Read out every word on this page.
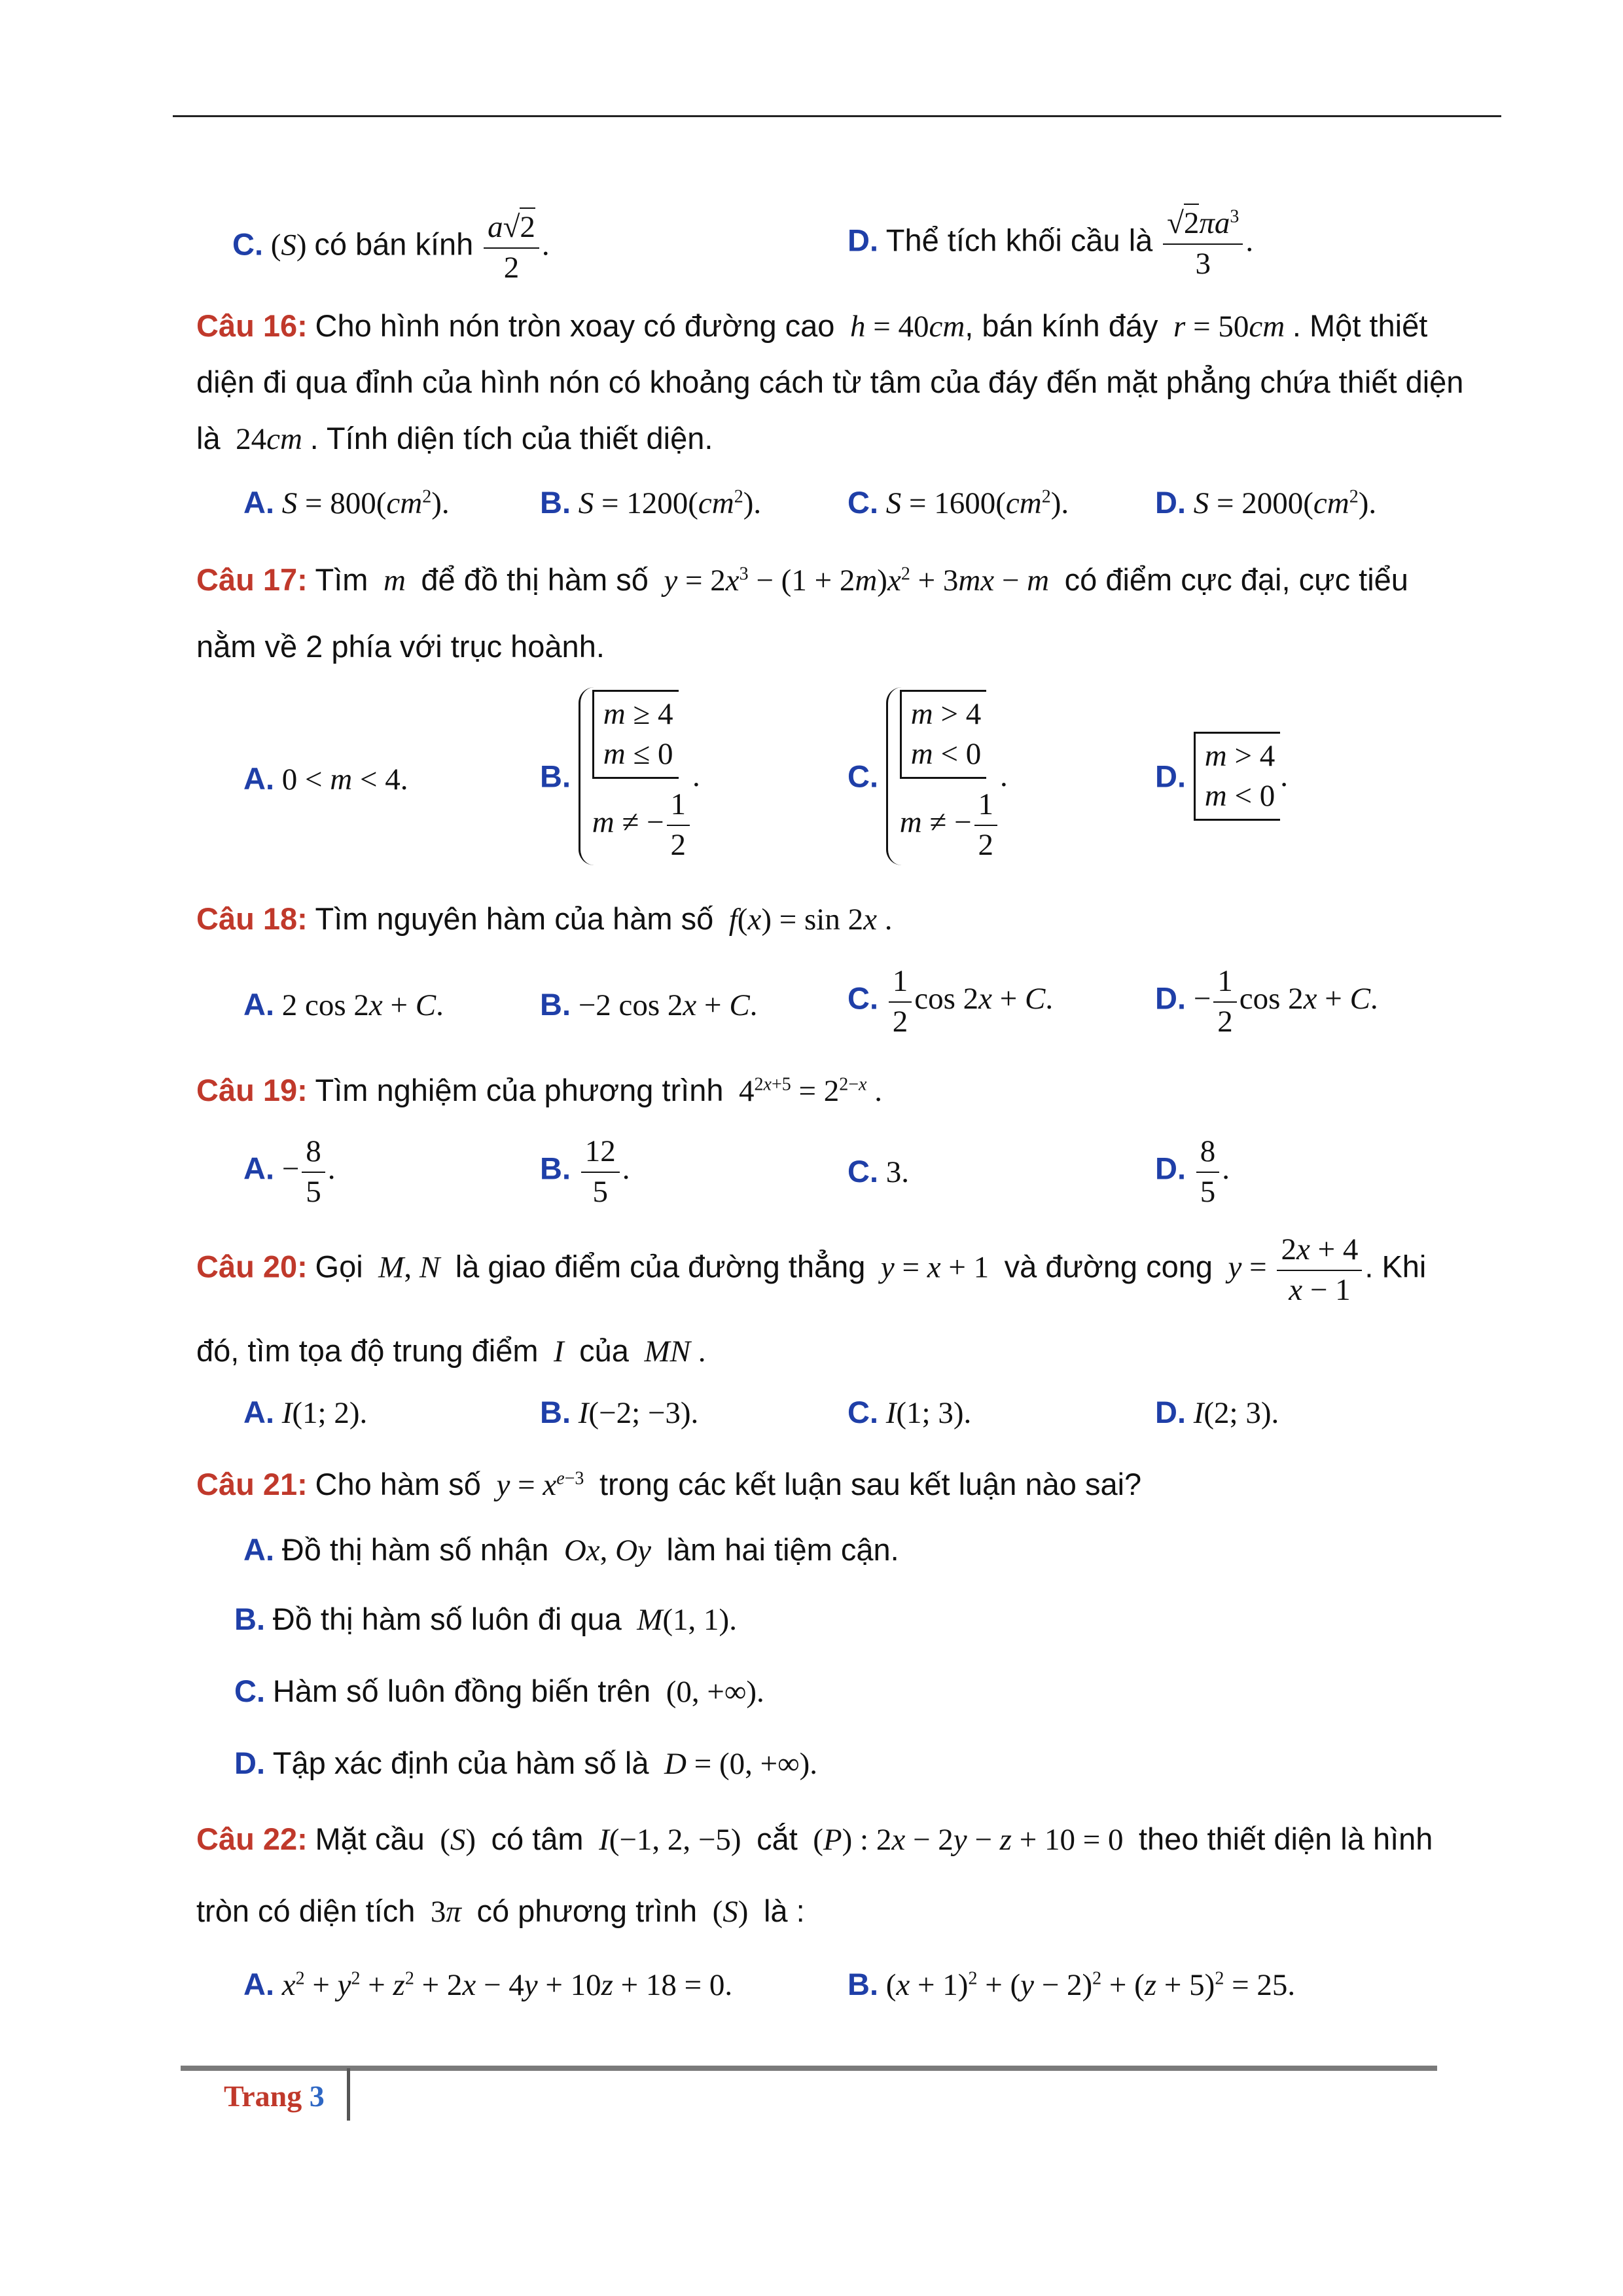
C. (S) có bán kính $\frac{a√2}{2}$ .	D. Thể tích khối cầu là $\frac{√2\pi a^3}{3}$ .
Câu 16: Cho hình nón tròn xoay có đường cao h = 40cm, bán kính đáy r = 50cm . Một thiết
diện đi qua đỉnh của hình nón có khoảng cách từ tâm của đáy đến mặt phẳng chứa thiết diện
là  24cm . Tính diện tích của thiết diện.
A. $S = 800(cm^2)$.	B. $S = 1200(cm^2)$.	C. $S = 1600(cm^2)$.	D. $S = 2000(cm^2)$.
Câu 17: Tìm m để đồ thị hàm số $y = 2x^3 - (1 + 2m)x^2 + 3mx - m$ có điểm cực đại, cực tiểu
nằm về 2 phía với trục hoành.
A. 0 < m < 4.	B. m ≥ 4
m ≤ 0
m ≠ − $\frac{1}{2}$
.	C. m > 4
m < 0
m ≠ − $\frac{1}{2}$
.	D. m > 4
m < 0.
Câu 18: Tìm nguyên hàm của hàm số f(x) = sin 2x .
A. 2 cos 2x + C.	B. −2 cos 2x + C.	C. $\frac{1}{2}$ cos 2x + C.	D. − $\frac{1}{2}$ cos 2x + C.
Câu 19: Tìm nghiệm của phương trình  $4^{2x+5} = 2^{2-x}$ .
A. − $\frac{8}{5}$ .	B. $\frac{12}{5}$ .	C. 3.	D. $\frac{8}{5}$ .
Câu 20: Gọi M, N là giao điểm của đường thẳng y = x + 1  và đường cong $y = \frac{2x + 4}{x - 1}$ . Khi
đó, tìm tọa độ trung điểm I của MN .
A. I(1; 2).	B. I(−2; −3).	C. I(1; 3).	D. I(2; 3).
Câu 21: Cho hàm số $y = x^{e-3}$ trong các kết luận sau kết luận nào sai?
A. Đồ thị hàm số nhận Ox, Oy làm hai tiệm cận.
B. Đồ thị hàm số luôn đi qua M(1, 1).
C. Hàm số luôn đồng biến trên  (0, +∞).
D. Tập xác định của hàm số là D = (0, +∞).
Câu 22: Mặt cầu  (S)  có tâm I(−1, 2, −5)  cắt  (P) : 2x − 2y − z + 10 = 0  theo thiết diện là hình
tròn có diện tích  3π có phương trình  (S)  là :
A. $x^2 + y^2 + z^2 + 2x - 4y + 10z + 18 = 0$.	B. $(x + 1)^2 + (y - 2)^2 + (z + 5)^2 = 25$.
Trang 3
